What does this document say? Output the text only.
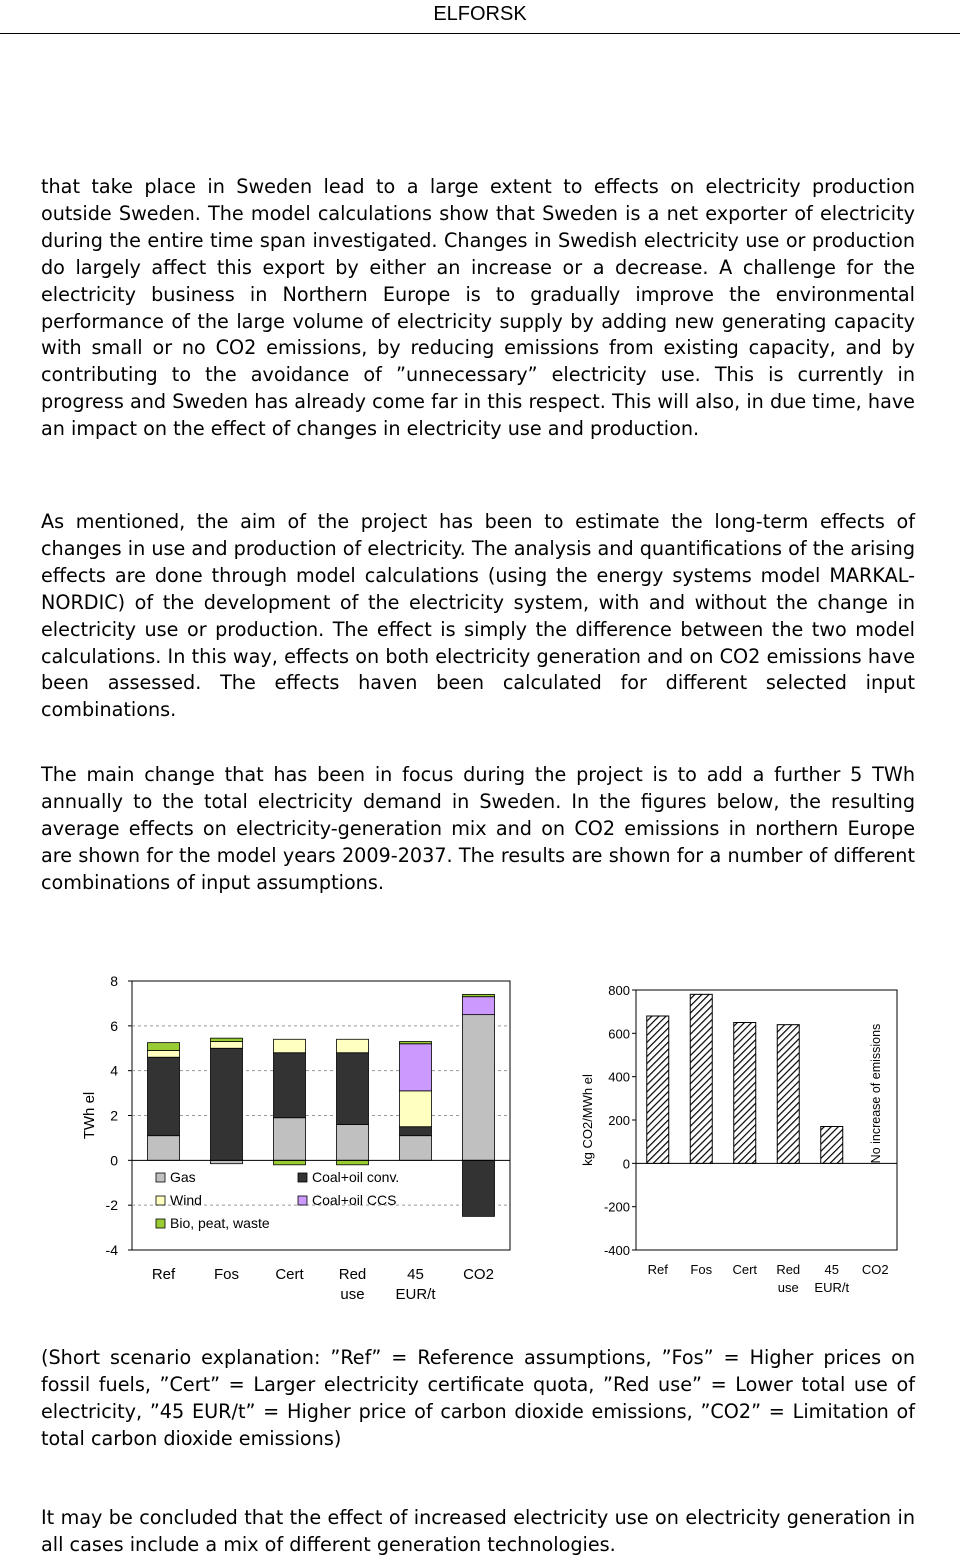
ELFORSK

that take place in Sweden lead to a large extent to effects on electricity production outside Sweden. The model calculations show that Sweden is a net exporter of electricity during the entire time span investigated. Changes in Swedish electricity use or production do largely affect this export by either an increase or a decrease. A challenge for the electricity business in Northern Europe is to gradually improve the environmental performance of the large volume of electricity supply by adding new generating capacity with small or no CO2 emissions, by reducing emissions from existing capacity, and by contributing to the avoidance of ”unnecessary” electricity use. This is currently in progress and Sweden has already come far in this respect. This will also, in due time, have an impact on the effect of changes in electricity use and production.

As mentioned, the aim of the project has been to estimate the long-term effects of changes in use and production of electricity. The analysis and quantifications of the arising effects are done through model calculations (using the energy systems model MARKAL-NORDIC) of the development of the electricity system, with and without the change in electricity use or production. The effect is simply the difference between the two model calculations. In this way, effects on both electricity generation and on CO2 emissions have been assessed. The effects haven been calculated for different selected input combinations.

The main change that has been in focus during the project is to add a further 5 TWh annually to the total electricity demand in Sweden. In the figures below, the resulting average effects on electricity-generation mix and on CO2 emissions in northern Europe are shown for the model years 2009-2037. The results are shown for a number of different combinations of input assumptions.

8
6
4
2
0
-2
-4
TWh el
Ref	Fos Cert Red
use
45
EUR/t
CO2
Gas	Coal+oil conv.
Wind	Coal+oil CCS
Bio, peat, waste
800
600
400
200
0
-200
-400
kg CO2/MWh el
Ref Fos Cert Red
use
45
EUR/t
No increase of emissions
CO2

(Short scenario explanation: ”Ref” = Reference assumptions, ”Fos” = Higher prices on fossil fuels, ”Cert” = Larger electricity certificate quota, ”Red use” = Lower total use of electricity, ”45 EUR/t” = Higher price of carbon dioxide emissions, ”CO2” = Limitation of total carbon dioxide emissions)

It may be concluded that the effect of increased electricity use on electricity generation in all cases include a mix of different generation technologies.
